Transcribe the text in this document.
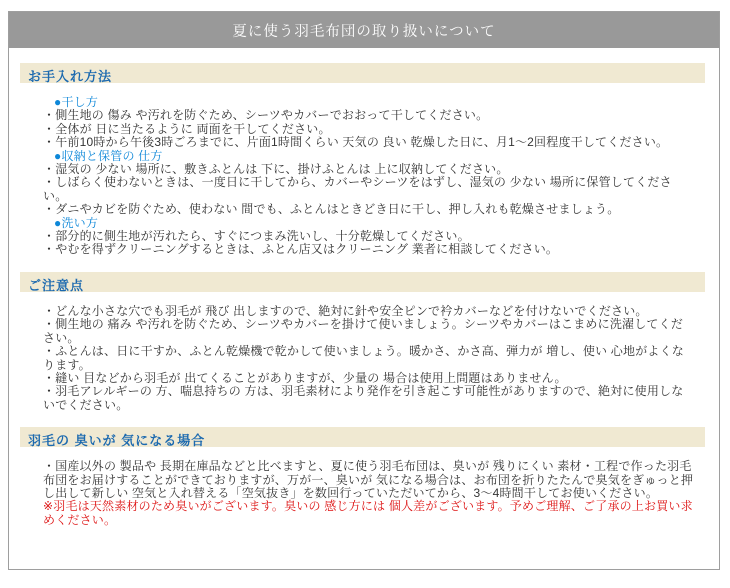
夏に使う羽毛布団の取り扱いについて
お手入れ方法
●干し方
・側生地の 傷み や汚れを防ぐため、シーツやカバーでおおって干してください。
・全体が 日に当たるように 両面を干してください。
・午前10時から午後3時ごろまでに、片面1時間くらい 天気の 良い 乾燥した日に、月1～2回程度干してください。
●収納と保管の 仕方
・湿気の 少ない 場所に、敷きふとんは 下に、掛けふとんは 上に収納してください。
・しばらく使わないときは、一度日に干してから、カバーやシーツをはずし、湿気の 少ない 場所に保管してください。
・ダニやカビを防ぐため、使わない 間でも、ふとんはときどき日に干し、押し入れも乾燥させましょう。
●洗い方
・部分的に側生地が汚れたら、すぐにつまみ洗いし、十分乾燥してください。
・やむを得ずクリーニングするときは、ふとん店又はクリーニング 業者に相談してください。
ご注意点
・どんな小さな穴でも羽毛が 飛び 出しますので、絶対に針や安全ピンで衿カバーなどを付けないでください。
・側生地の 痛み や汚れを防ぐため、シーツやカバーを掛けて使いましょう。シーツやカバーはこまめに洗濯してください。
・ふとんは、日に干すか、ふとん乾燥機で乾かして使いましょう。暖かさ、かさ高、弾力が 増し、使い 心地がよくなります。
・縫い 目などから羽毛が 出てくることがありますが、少量の 場合は使用上問題はありません。
・羽毛アレルギーの 方、喘息持ちの 方は、羽毛素材により発作を引き起こす可能性がありますので、絶対に使用しないでください。
羽毛の 臭いが 気になる場合
・国産以外の 製品や 長期在庫品などと比べますと、夏に使う羽毛布団は、臭いが 残りにくい 素材・工程で作った羽毛布団をお届けすることができておりますが、万が一、臭いが 気になる場合は、お布団を折りたたんで臭気をぎゅっと押し出して新しい 空気と入れ替える「空気抜き」を数回行っていただいてから、3～4時間干してお使いください。
※羽毛は天然素材のため臭いがございます。臭いの 感じ方には 個人差がございます。予めご理解、ご了承の上お買い求めください。
